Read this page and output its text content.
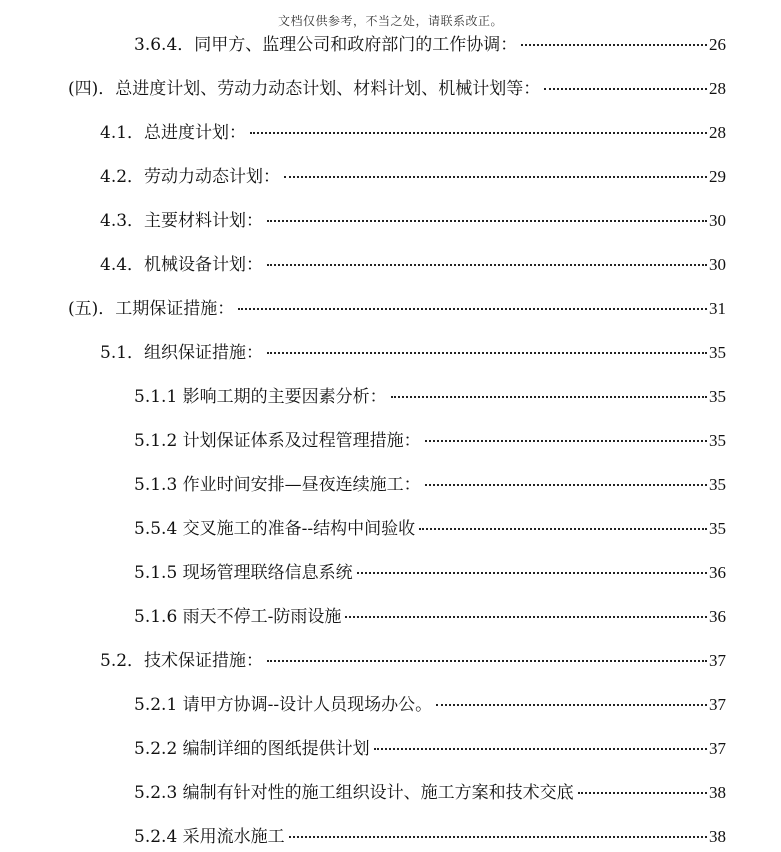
文档仅供参考，不当之处，请联系改正。
3.6.4．同甲方、监理公司和政府部门的工作协调：	26
(四)．总进度计划、劳动力动态计划、材料计划、机械计划等：	28
4.1．总进度计划：	28
4.2．劳动力动态计划：	29
4.3．主要材料计划：	30
4.4．机械设备计划：	30
(五)．工期保证措施：	31
5.1．组织保证措施：	35
5.1.1 影响工期的主要因素分析：	35
5.1.2 计划保证体系及过程管理措施：	35
5.1.3 作业时间安排—昼夜连续施工：	35
5.5.4 交叉施工的准备--结构中间验收	35
5.1.5 现场管理联络信息系统	36
5.1.6 雨天不停工-防雨设施	36
5.2．技术保证措施：	37
5.2.1 请甲方协调--设计人员现场办公。	37
5.2.2 编制详细的图纸提供计划	37
5.2.3 编制有针对性的施工组织设计、施工方案和技术交底	38
5.2.4 采用流水施工	38
